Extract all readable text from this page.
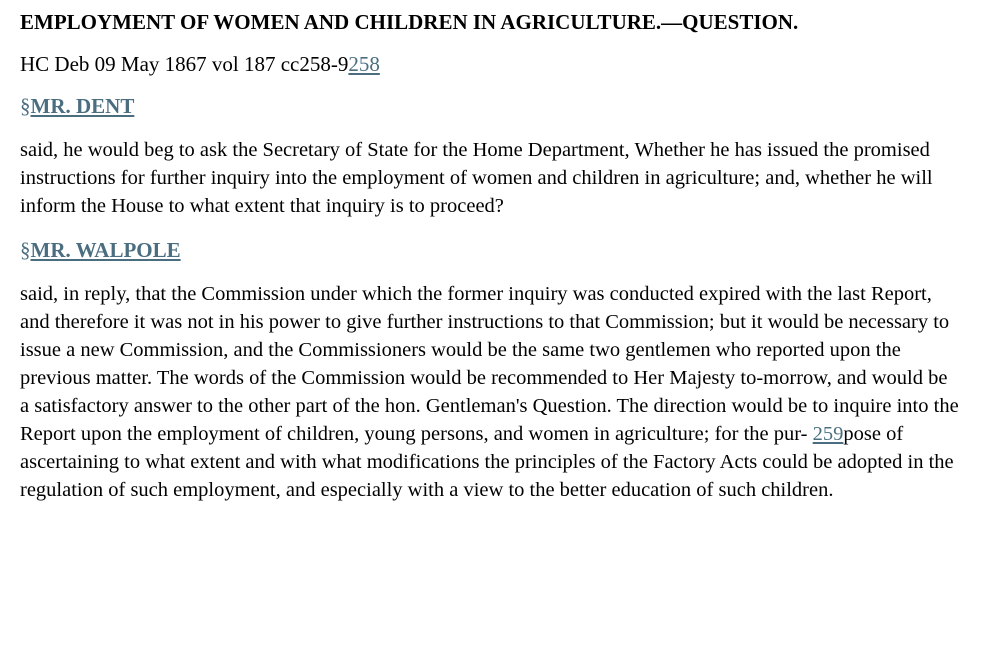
EMPLOYMENT OF WOMEN AND CHILDREN IN AGRICULTURE.—QUESTION.
HC Deb 09 May 1867 vol 187 cc258-9258
§MR. DENT

said, he would beg to ask the Secretary of State for the Home Department, Whether he has issued the promised instructions for further inquiry into the employment of women and children in agriculture; and, whether he will inform the House to what extent that inquiry is to proceed?

§MR. WALPOLE

said, in reply, that the Commission under which the former inquiry was conducted expired with the last Report, and therefore it was not in his power to give further instructions to that Commission; but it would be necessary to issue a new Commission, and the Commissioners would be the same two gentlemen who reported upon the previous matter. The words of the Commission would be recommended to Her Majesty to-morrow, and would be a satisfactory answer to the other part of the hon. Gentleman's Question. The direction would be to inquire into the Report upon the employment of children, young persons, and women in agriculture; for the pur- 259pose of ascertaining to what extent and with what modifications the principles of the Factory Acts could be adopted in the regulation of such employment, and especially with a view to the better education of such children.
